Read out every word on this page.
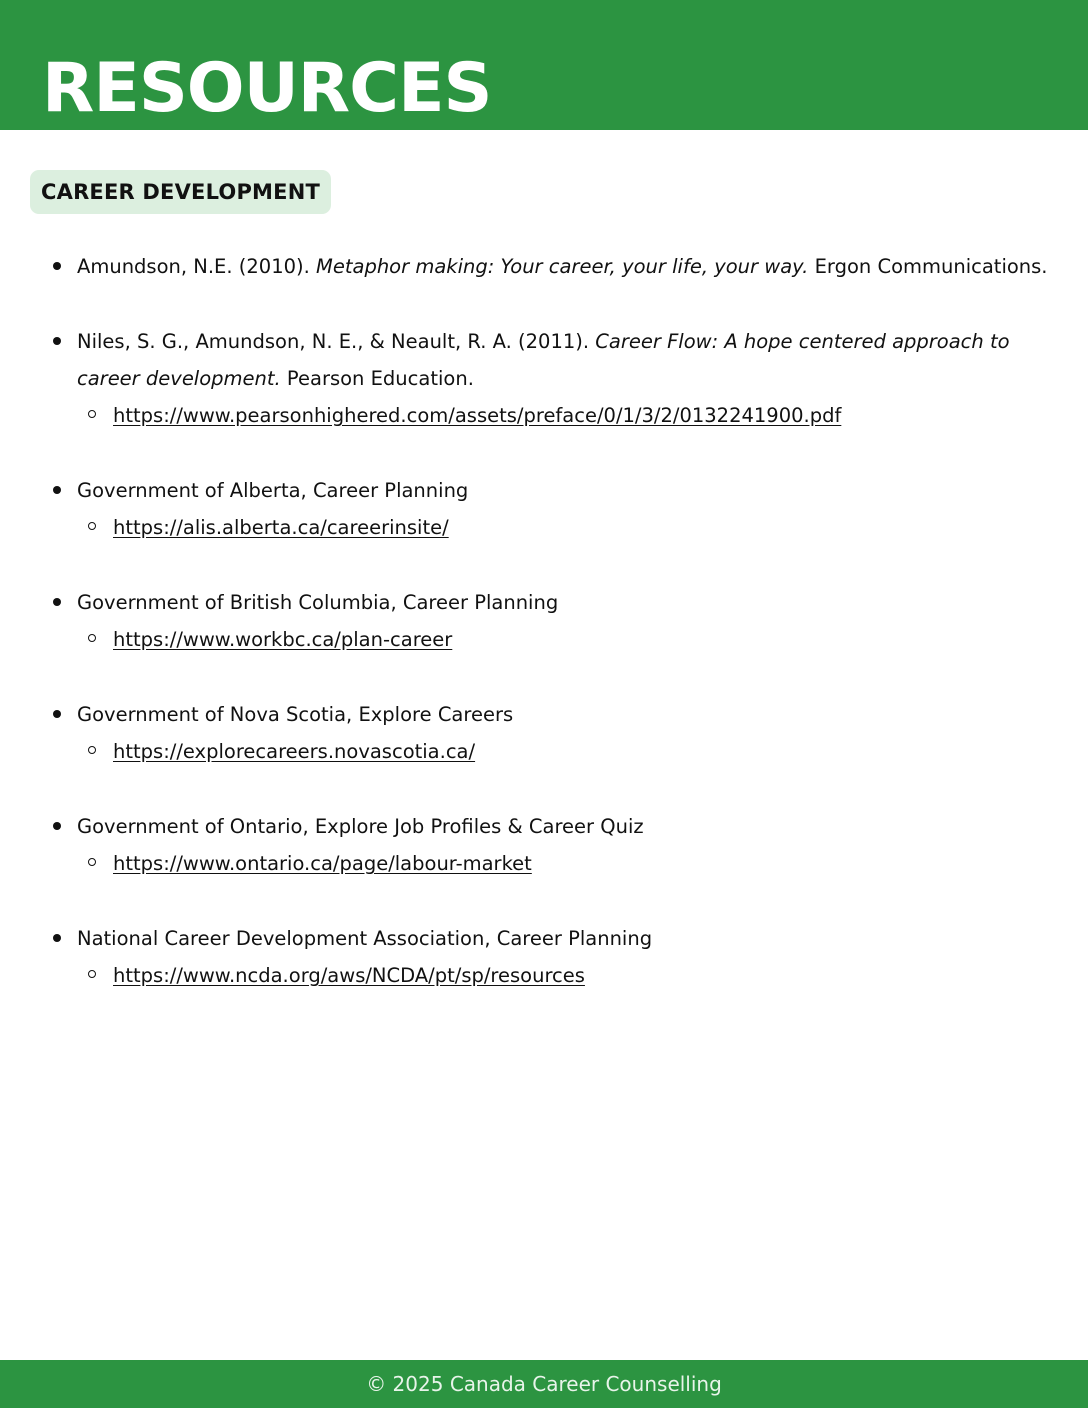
RESOURCES
CAREER DEVELOPMENT
Amundson, N.E. (2010). Metaphor making: Your career, your life, your way. Ergon Communications.
Niles, S. G., Amundson, N. E., & Neault, R. A. (2011). Career Flow: A hope centered approach to career development. Pearson Education.
https://www.pearsonhighered.com/assets/preface/0/1/3/2/0132241900.pdf
Government of Alberta, Career Planning
https://alis.alberta.ca/careerinsite/
Government of British Columbia, Career Planning
https://www.workbc.ca/plan-career
Government of Nova Scotia, Explore Careers
https://explorecareers.novascotia.ca/
Government of Ontario, Explore Job Profiles & Career Quiz
https://www.ontario.ca/page/labour-market
National Career Development Association, Career Planning
https://www.ncda.org/aws/NCDA/pt/sp/resources
© 2025 Canada Career Counselling
